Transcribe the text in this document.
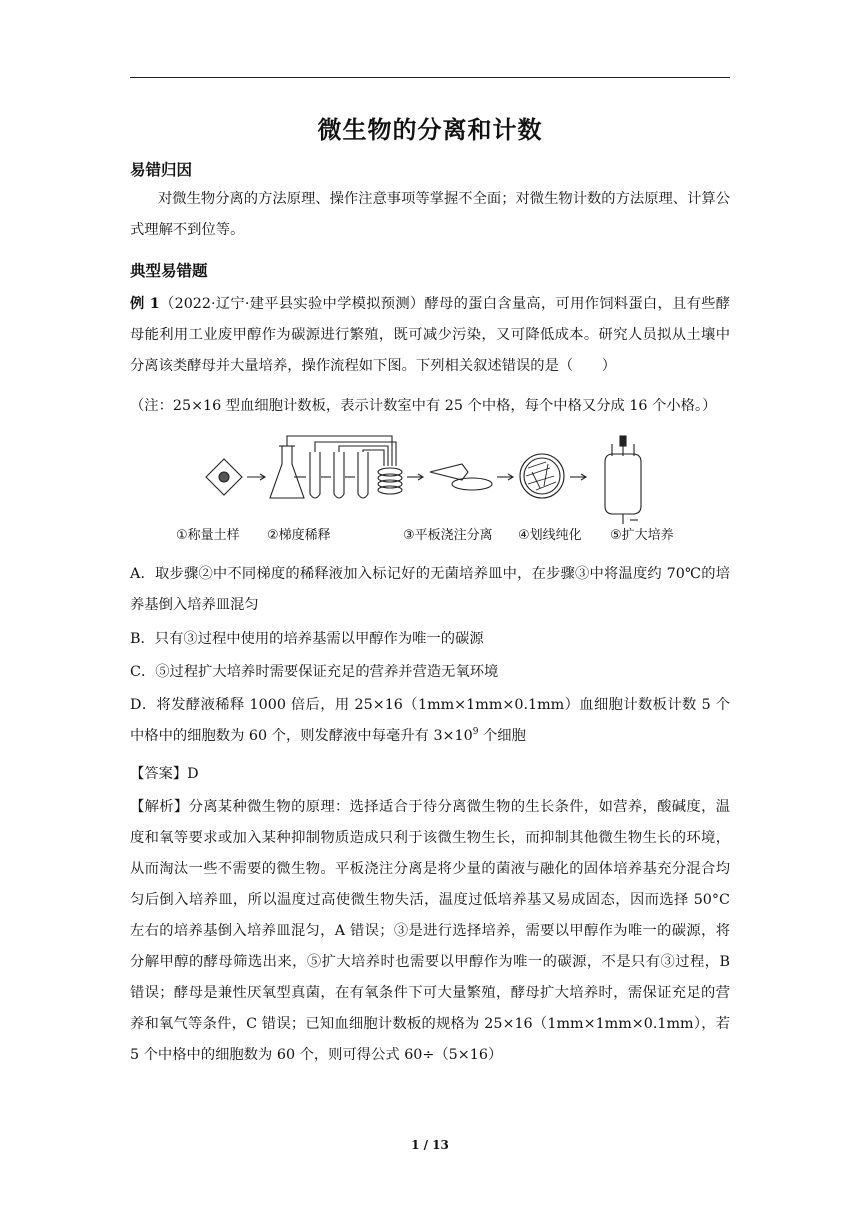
微生物的分离和计数
易错归因
对微生物分离的方法原理、操作注意事项等掌握不全面；对微生物计数的方法原理、计算公式理解不到位等。
典型易错题
例 1（2022·辽宁·建平县实验中学模拟预测）酵母的蛋白含量高，可用作饲料蛋白，且有些酵母能利用工业废甲醇作为碳源进行繁殖，既可减少污染，又可降低成本。研究人员拟从土壤中分离该类酵母并大量培养，操作流程如下图。下列相关叙述错误的是（　　）
（注：25×16 型血细胞计数板，表示计数室中有 25 个中格，每个中格又分成 16 个小格。）
①称量土样 ②梯度稀释	③平板浇注分离 ④划线纯化 ⑤扩大培养
A．取步骤②中不同梯度的稀释液加入标记好的无菌培养皿中，在步骤③中将温度约 70℃的培养基倒入培养皿混匀
B．只有③过程中使用的培养基需以甲醇作为唯一的碳源
C．⑤过程扩大培养时需要保证充足的营养并营造无氧环境
D．将发酵液稀释 1000 倍后，用 25×16（1mm×1mm×0.1mm）血细胞计数板计数 5 个中格中的细胞数为 60 个，则发酵液中每毫升有 $3\times 10^9$ 个细胞
【答案】D
【解析】分离某种微生物的原理：选择适合于待分离微生物的生长条件，如营养，酸碱度，温度和氧等要求或加入某种抑制物质造成只利于该微生物生长，而抑制其他微生物生长的环境，从而淘汰一些不需要的微生物。平板浇注分离是将少量的菌液与融化的固体培养基充分混合均匀后倒入培养皿，所以温度过高使微生物失活，温度过低培养基又易成固态，因而选择 50°C 左右的培养基倒入培养皿混匀，A 错误；③是进行选择培养，需要以甲醇作为唯一的碳源，将分解甲醇的酵母筛选出来，⑤扩大培养时也需要以甲醇作为唯一的碳源，不是只有③过程，B 错误；酵母是兼性厌氧型真菌，在有氧条件下可大量繁殖，酵母扩大培养时，需保证充足的营养和氧气等条件，C 错误；已知血细胞计数板的规格为 25×16（1mm×1mm×0.1mm），若 5 个中格中的细胞数为 60 个，则可得公式 60÷（5×16）
1 / 13
